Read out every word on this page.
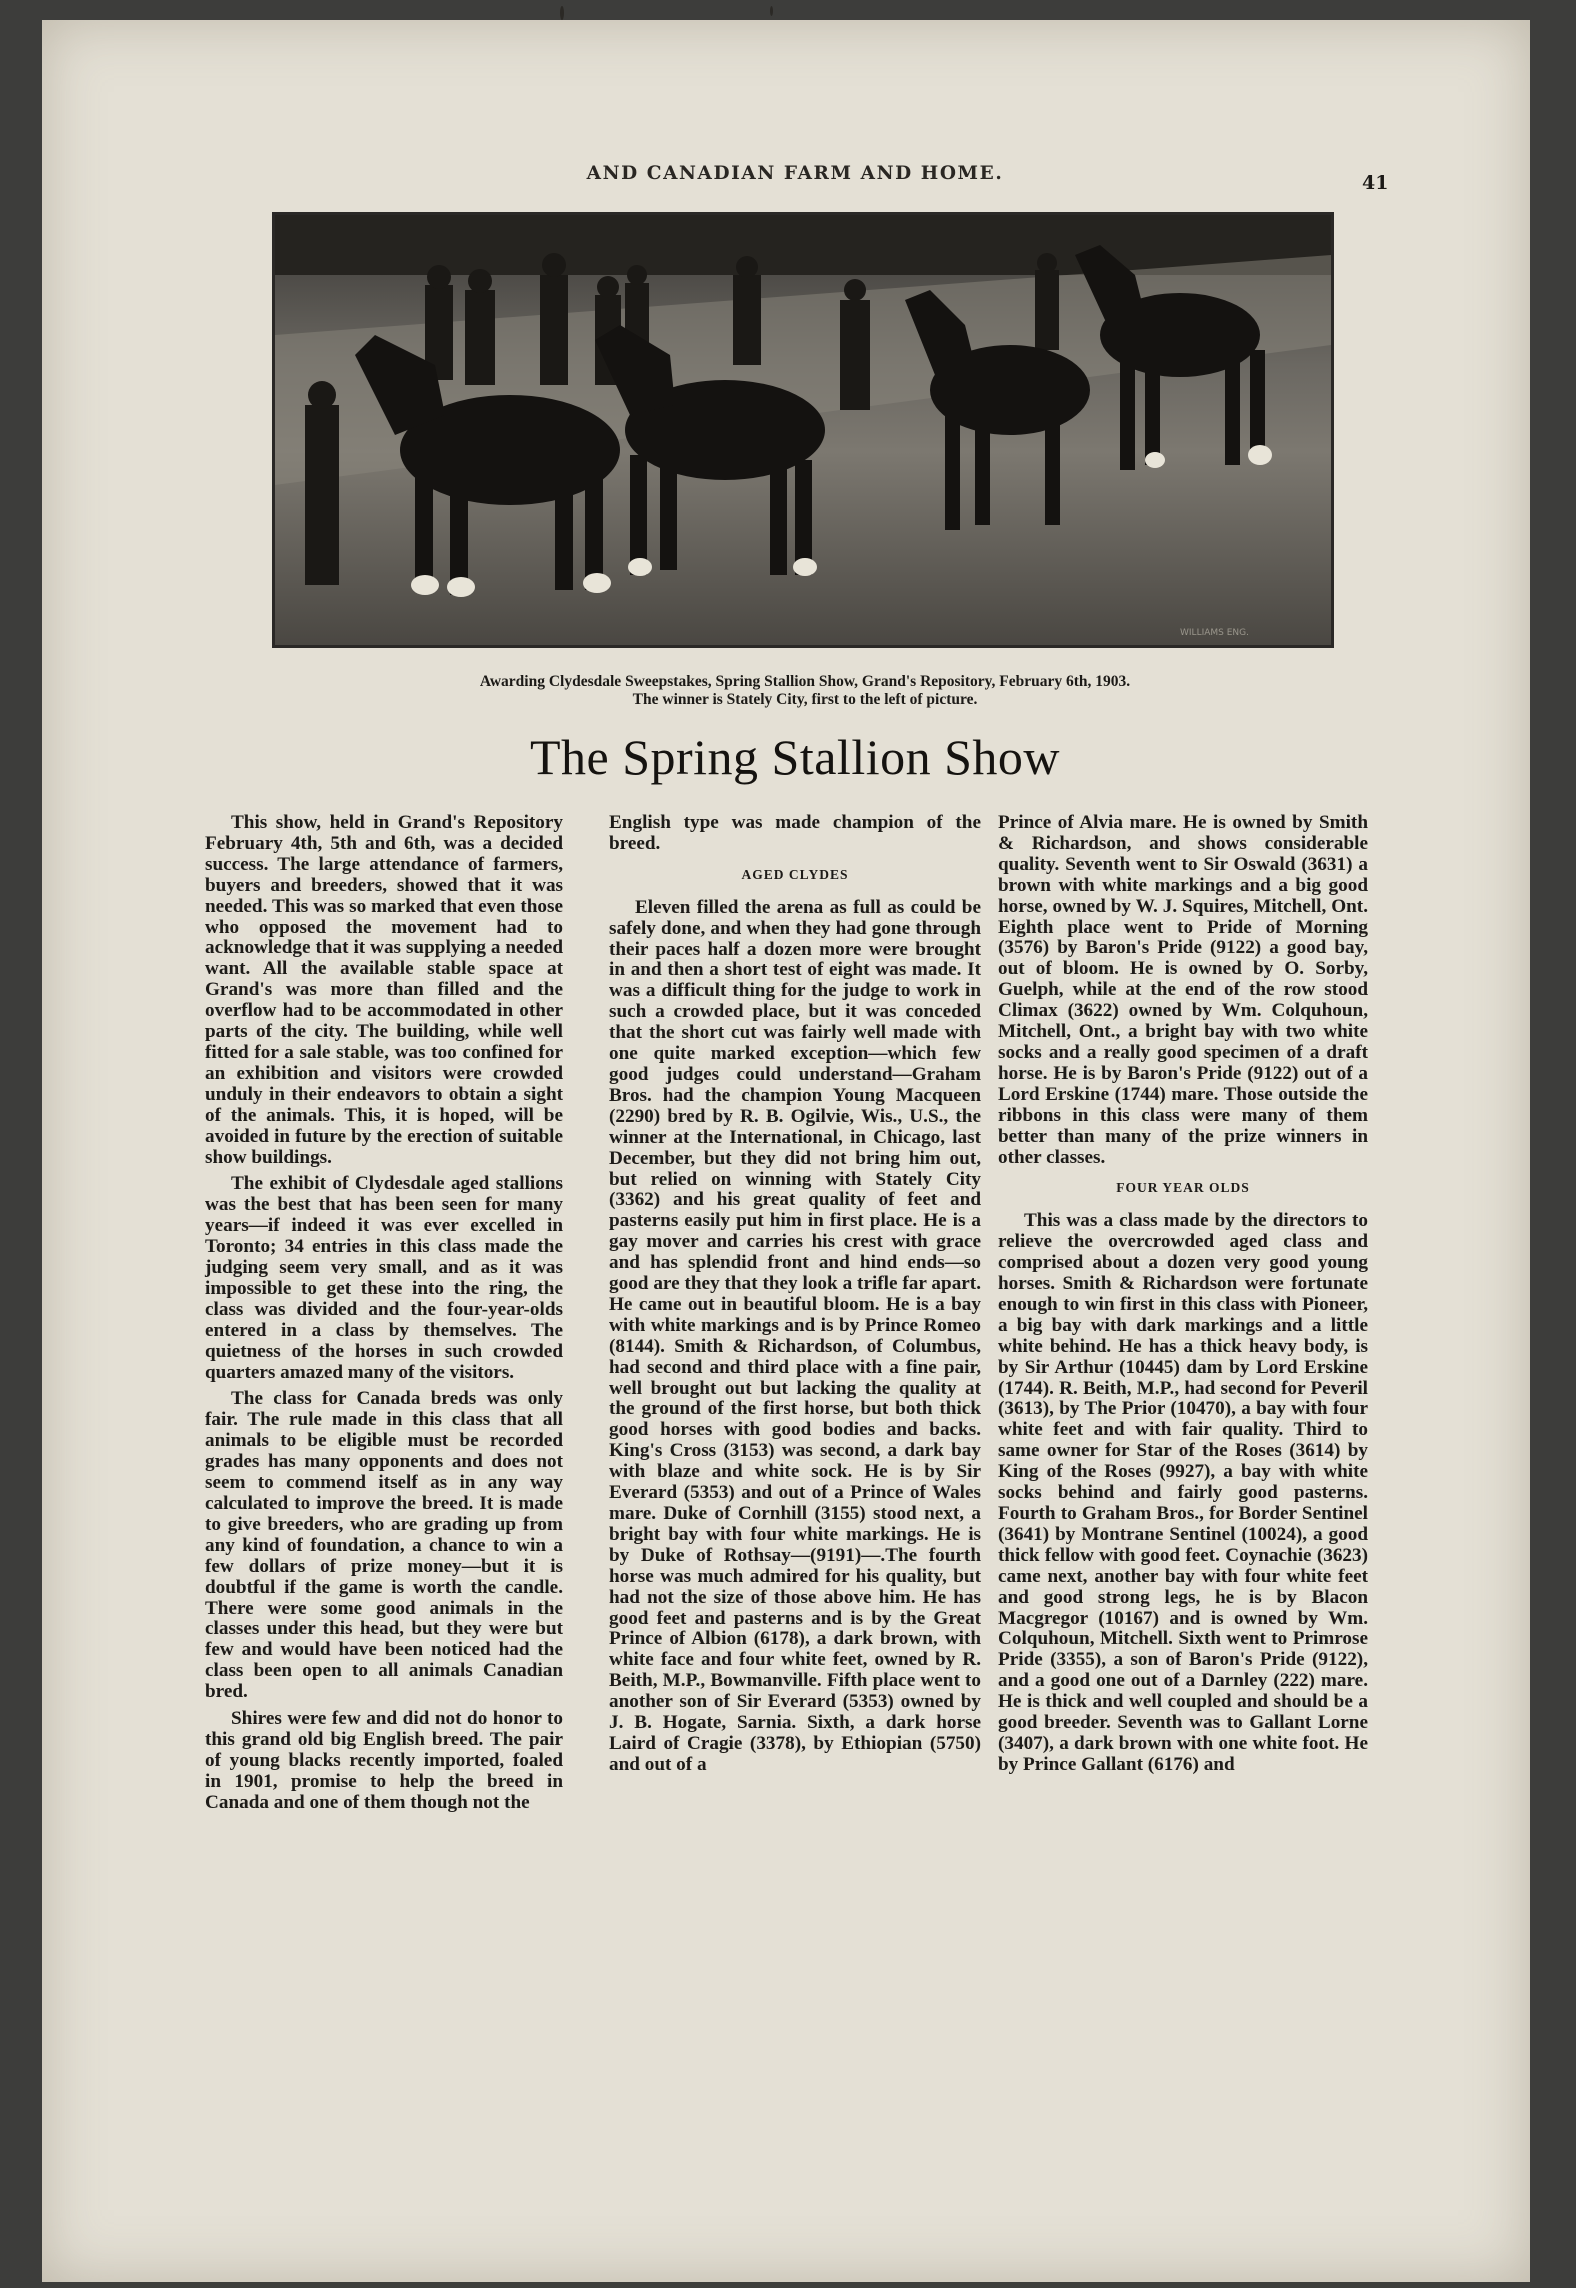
AND CANADIAN FARM AND HOME.	41
WILLIAMS ENG.
Awarding Clydesdale Sweepstakes, Spring Stallion Show, Grand's Repository, February 6th, 1903.
The winner is Stately City, first to the left of picture.
The Spring Stallion Show

This show, held in Grand's Repository February 4th, 5th and 6th, was a decided success. The large attendance of farmers, buyers and breeders, showed that it was needed. This was so marked that even those who opposed the movement had to acknowledge that it was supplying a needed want. All the available stable space at Grand's was more than filled and the overflow had to be accommodated in other parts of the city. The building, while well fitted for a sale stable, was too confined for an exhibition and visitors were crowded unduly in their endeavors to obtain a sight of the animals. This, it is hoped, will be avoided in future by the erection of suitable show buildings.

The exhibit of Clydesdale aged stallions was the best that has been seen for many years—if indeed it was ever excelled in Toronto; 34 entries in this class made the judging seem very small, and as it was impossible to get these into the ring, the class was divided and the four-year-olds entered in a class by themselves. The quietness of the horses in such crowded quarters amazed many of the visitors.

The class for Canada breds was only fair. The rule made in this class that all animals to be eligible must be recorded grades has many opponents and does not seem to commend itself as in any way calculated to improve the breed. It is made to give breeders, who are grading up from any kind of foundation, a chance to win a few dollars of prize money—but it is doubtful if the game is worth the candle. There were some good animals in the classes under this head, but they were but few and would have been noticed had the class been open to all animals Canadian bred.

Shires were few and did not do honor to this grand old big English breed. The pair of young blacks recently imported, foaled in 1901, promise to help the breed in Canada and one of them though not the

English type was made champion of the breed.

AGED CLYDES

Eleven filled the arena as full as could be safely done, and when they had gone through their paces half a dozen more were brought in and then a short test of eight was made. It was a difficult thing for the judge to work in such a crowded place, but it was conceded that the short cut was fairly well made with one quite marked exception—which few good judges could understand—Graham Bros. had the champion Young Macqueen (2290) bred by R. B. Ogilvie, Wis., U.S., the winner at the International, in Chicago, last December, but they did not bring him out, but relied on winning with Stately City (3362) and his great quality of feet and pasterns easily put him in first place. He is a gay mover and carries his crest with grace and has splendid front and hind ends—so good are they that they look a trifle far apart. He came out in beautiful bloom. He is a bay with white markings and is by Prince Romeo (8144). Smith & Richardson, of Columbus, had second and third place with a fine pair, well brought out but lacking the quality at the ground of the first horse, but both thick good horses with good bodies and backs. King's Cross (3153) was second, a dark bay with blaze and white sock. He is by Sir Everard (5353) and out of a Prince of Wales mare. Duke of Cornhill (3155) stood next, a bright bay with four white markings. He is by Duke of Rothsay—(9191)—.The fourth horse was much admired for his quality, but had not the size of those above him. He has good feet and pasterns and is by the Great Prince of Albion (6178), a dark brown, with white face and four white feet, owned by R. Beith, M.P., Bowmanville. Fifth place went to another son of Sir Everard (5353) owned by J. B. Hogate, Sarnia. Sixth, a dark horse Laird of Cragie (3378), by Ethiopian (5750) and out of a

Prince of Alvia mare. He is owned by Smith & Richardson, and shows considerable quality. Seventh went to Sir Oswald (3631) a brown with white markings and a big good horse, owned by W. J. Squires, Mitchell, Ont. Eighth place went to Pride of Morning (3576) by Baron's Pride (9122) a good bay, out of bloom. He is owned by O. Sorby, Guelph, while at the end of the row stood Climax (3622) owned by Wm. Colquhoun, Mitchell, Ont., a bright bay with two white socks and a really good specimen of a draft horse. He is by Baron's Pride (9122) out of a Lord Erskine (1744) mare. Those outside the ribbons in this class were many of them better than many of the prize winners in other classes.

FOUR YEAR OLDS

This was a class made by the directors to relieve the overcrowded aged class and comprised about a dozen very good young horses. Smith & Richardson were fortunate enough to win first in this class with Pioneer, a big bay with dark markings and a little white behind. He has a thick heavy body, is by Sir Arthur (10445) dam by Lord Erskine (1744). R. Beith, M.P., had second for Peveril (3613), by The Prior (10470), a bay with four white feet and with fair quality. Third to same owner for Star of the Roses (3614) by King of the Roses (9927), a bay with white socks behind and fairly good pasterns. Fourth to Graham Bros., for Border Sentinel (3641) by Montrane Sentinel (10024), a good thick fellow with good feet. Coynachie (3623) came next, another bay with four white feet and good strong legs, he is by Blacon Macgregor (10167) and is owned by Wm. Colquhoun, Mitchell. Sixth went to Primrose Pride (3355), a son of Baron's Pride (9122), and a good one out of a Darnley (222) mare. He is thick and well coupled and should be a good breeder. Seventh was to Gallant Lorne (3407), a dark brown with one white foot. He by Prince Gallant (6176) and
